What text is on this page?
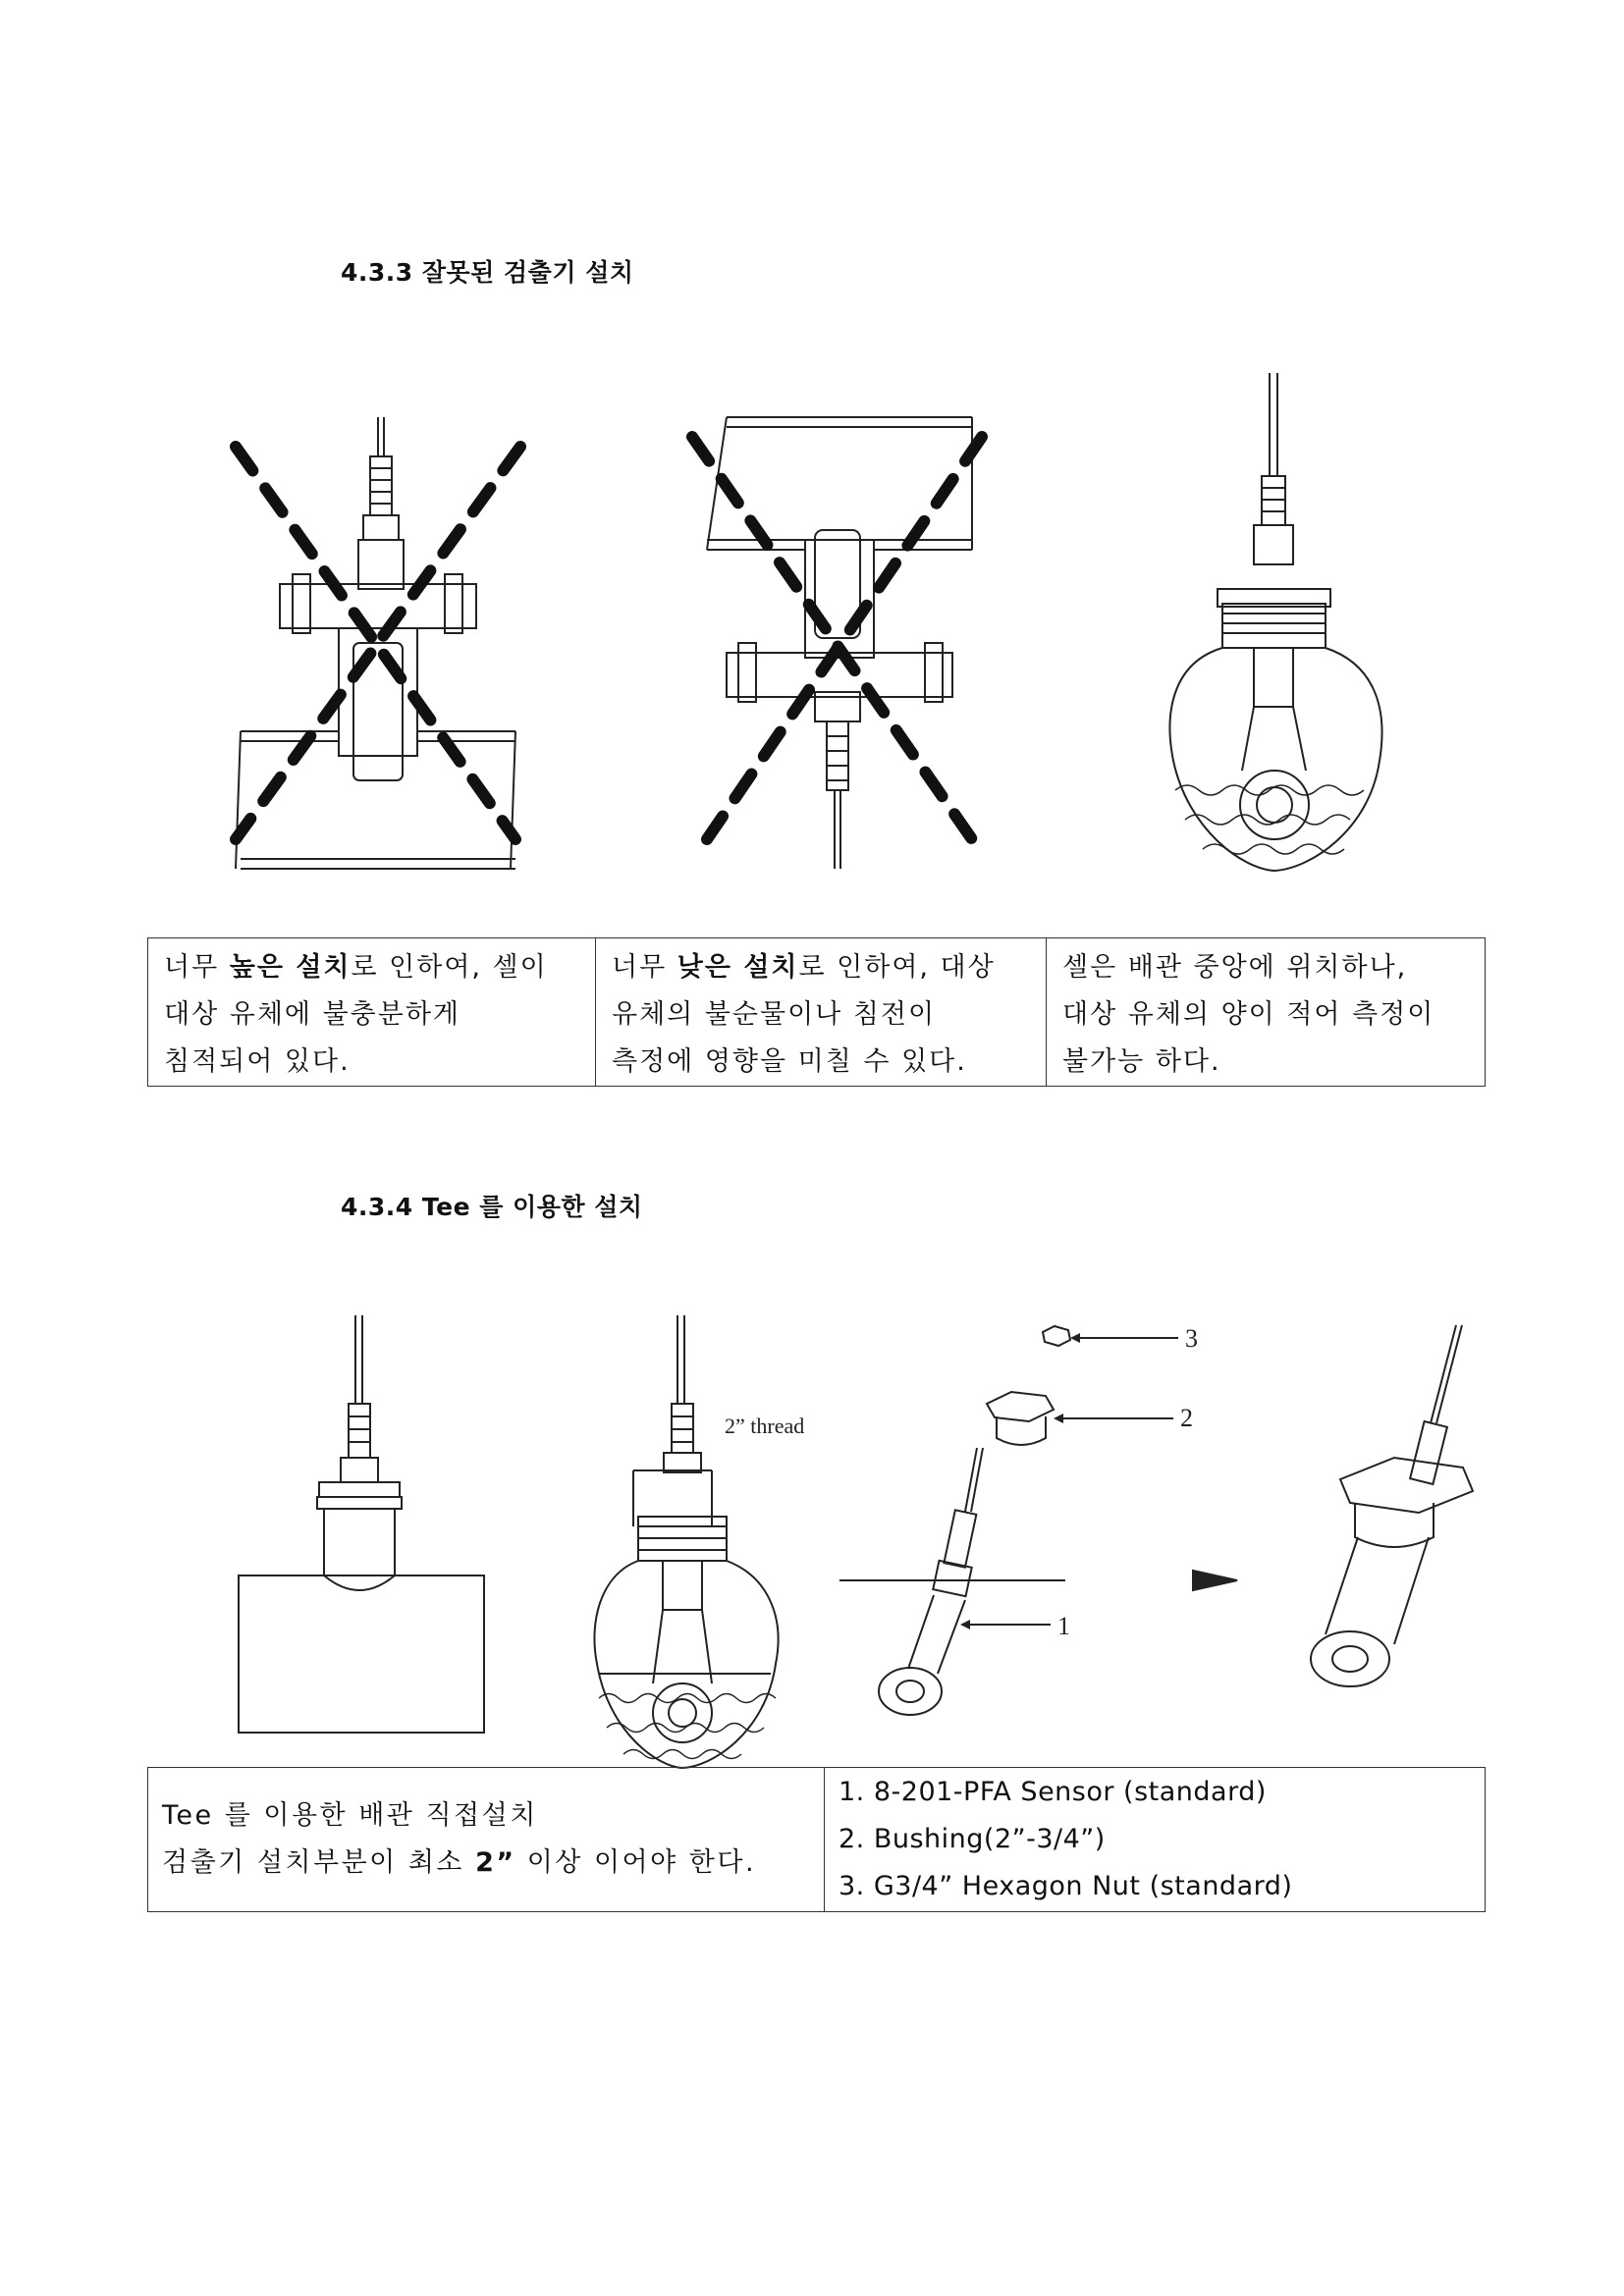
4.3.3 잘못된 검출기 설치
너무 높은 설치로 인하여, 셀이
대상 유체에 불충분하게
침적되어 있다.

너무 낮은 설치로 인하여, 대상
유체의 불순물이나 침전이
측정에 영향을 미칠 수 있다.

셀은 배관 중앙에 위치하나,
대상 유체의 양이 적어 측정이
불가능 하다.
4.3.4 Tee 를 이용한 설치
2” thread
3
2
1
Tee 를 이용한 배관 직접설치
검출기 설치부분이 최소 2” 이상 이어야 한다.

1. 8-201-PFA Sensor (standard)
2. Bushing(2”-3/4”)
3. G3/4” Hexagon Nut (standard)
